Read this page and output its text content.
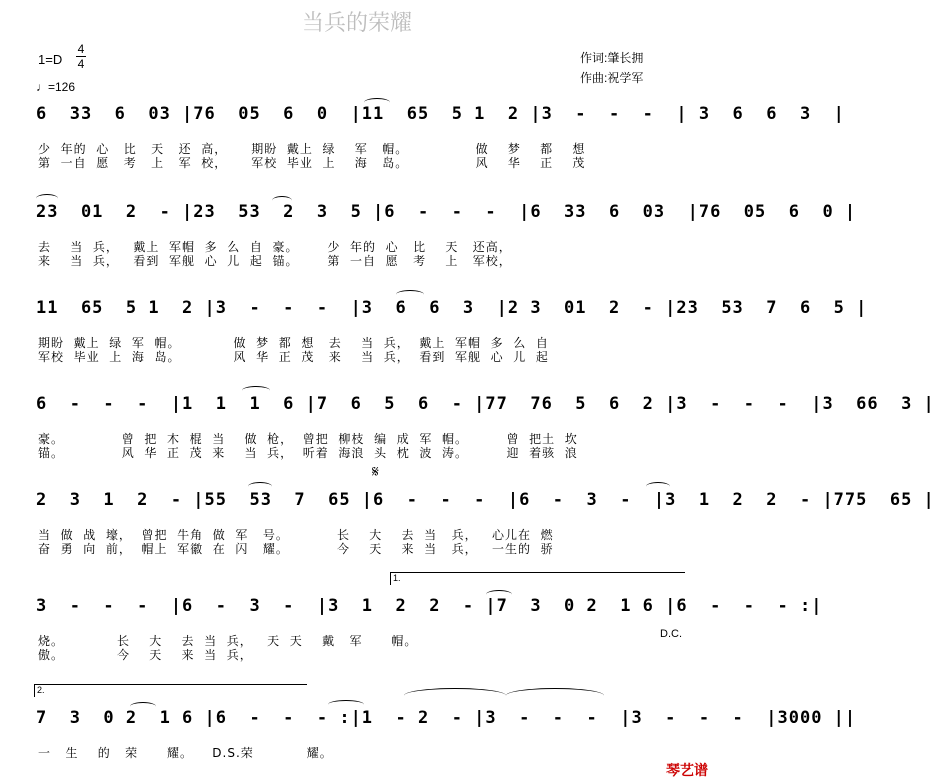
当兵的荣耀
1=D
4
4
♩=126
作词:肇长拥
作曲:祝学军
6  33  6  03 |76  05  6  0  |11  65  5 1  2 |3  -  -  -  | 3  6  6  3  |
少  年的  心   比   天   还  高，     期盼  戴上  绿    军   帽。              做    梦    都    想
第  一自  愿   考   上   军  校，     军校  毕业  上    海   岛。              风    华    正    茂
23  01  2  - |23  53  2  3  5 |6  -  -  -  |6  33  6  03  |76  05  6  0 |
去    当  兵，   戴上  军帽  多  么  自  豪。      少  年的  心   比    天   还高，
来    当  兵，   看到  军舰  心  儿  起  锚。      第  一自  愿   考    上   军校，
11  65  5 1  2 |3  -  -  -  |3  6  6  3  |2 3  01  2  - |23  53  7  6  5 |
期盼  戴上  绿  军  帽。           做  梦  都  想   去    当  兵，  戴上  军帽  多  么  自
军校  毕业  上  海  岛。           风  华  正  茂   来    当  兵，  看到  军舰  心  儿  起
6  -  -  -  |1  1  1  6 |7  6  5  6  - |77  76  5  6  2 |3  -  -  -  |3  66  3 |
豪。            曾  把  木  棍  当    做  枪，  曾把  柳枝  编  成  军  帽。        曾  把土  坎
锚。            风  华  正  茂  来    当  兵，  听着  海浪  头  枕  波  涛。        迎  着骇  浪
2  3  1  2  - |55  53  7  65 |6  -  -  -  |6  -  3  -  |3  1  2  2  - |775  65 |
当  做  战  壕，  曾把  牛角  做  军   号。          长    大    去  当   兵，   心儿在  燃
奋  勇  向  前，  帽上  军徽  在  闪   耀。          今    天    来  当   兵，   一生的  骄
𝄋
1.
3  -  -  -  |6  -  3  -  |3  1  2  2  - |7  3  0 2  1 6 |6  -  -  - :|
烧。           长    大    去  当  兵，   天  天    戴   军      帽。
傲。           今    天    来  当  兵，
D.C.
2.
7  3  0 2  1 6 |6  -  -  - :|1  - 2  - |3  -  -  -  |3  -  -  -  |3000 ||
一   生    的   荣      耀。    D.S.荣           耀。
琴艺谱
